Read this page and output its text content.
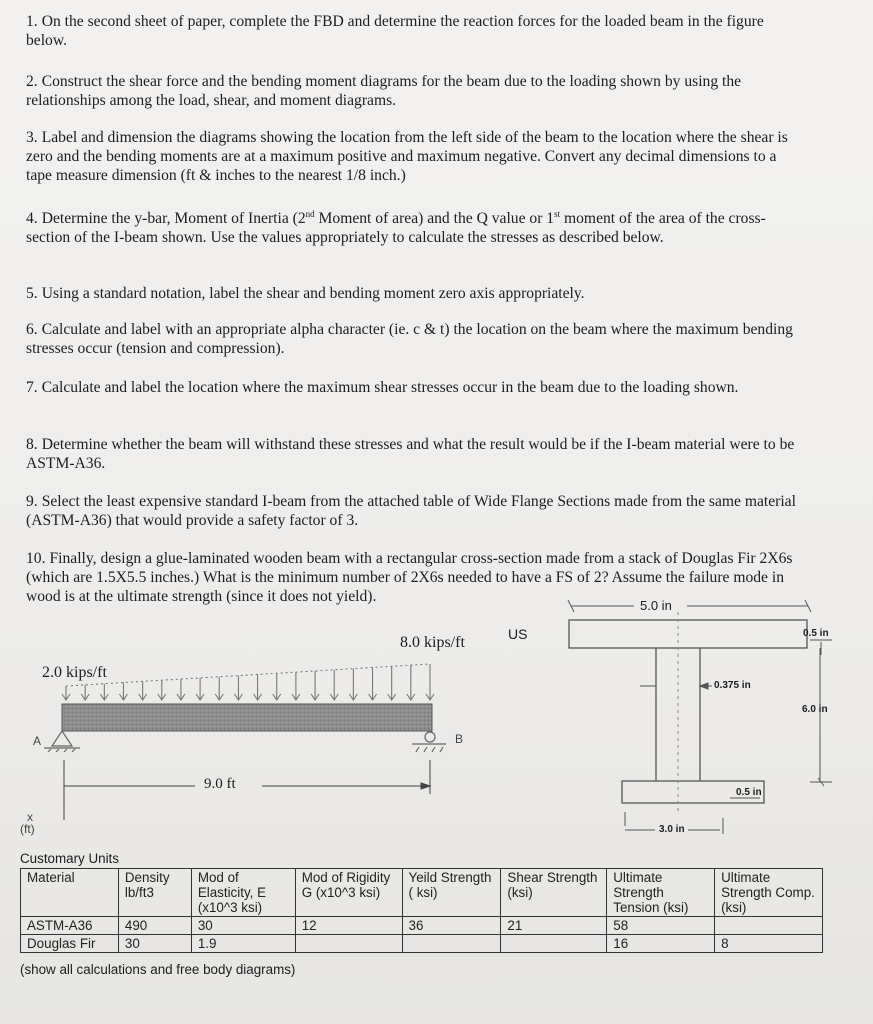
1. On the second sheet of paper, complete the FBD and determine the reaction forces for the loaded beam in the figure below.
2. Construct the shear force and the bending moment diagrams for the beam due to the loading shown by using the relationships among the load, shear, and moment diagrams.
3. Label and dimension the diagrams showing the location from the left side of the beam to the location where the shear is zero and the bending moments are at a maximum positive and maximum negative. Convert any decimal dimensions to a tape measure dimension (ft & inches to the nearest 1/8 inch.)
4. Determine the y-bar, Moment of Inertia (2nd Moment of area) and the Q value or 1st moment of the area of the cross-section of the I-beam shown. Use the values appropriately to calculate the stresses as described below.
5. Using a standard notation, label the shear and bending moment zero axis appropriately.
6. Calculate and label with an appropriate alpha character (ie. c & t) the location on the beam where the maximum bending stresses occur (tension and compression).
7. Calculate and label the location where the maximum shear stresses occur in the beam due to the loading shown.
8. Determine whether the beam will withstand these stresses and what the result would be if the I-beam material were to be ASTM-A36.
9. Select the least expensive standard I-beam from the attached table of Wide Flange Sections made from the same material (ASTM-A36) that would provide a safety factor of 3.
10. Finally, design a glue-laminated wooden beam with a rectangular cross-section made from a stack of Douglas Fir 2X6s (which are 1.5X5.5 inches.) What is the minimum number of 2X6s needed to have a FS of 2? Assume the failure mode in wood is at the ultimate strength (since it does not yield).
2.0 kips/ft
8.0 kips/ft
A	B
9.0 ft
x
(ft)
US
5.0 in
0.5 in
0.375 in
6.0 in
0.5 in
3.0 in
Customary Units
Material	Density lb/ft3	Mod of Elasticity, E (x10^3 ksi)	Mod of Rigidity G (x10^3 ksi)	Yeild Strength ( ksi)	Shear Strength (ksi)	Ultimate Strength Tension (ksi)	Ultimate Strength Comp. (ksi)
ASTM-A36	490	30	12	36	21	58	
Douglas Fir	30	1.9				16	8
(show all calculations and free body diagrams)
